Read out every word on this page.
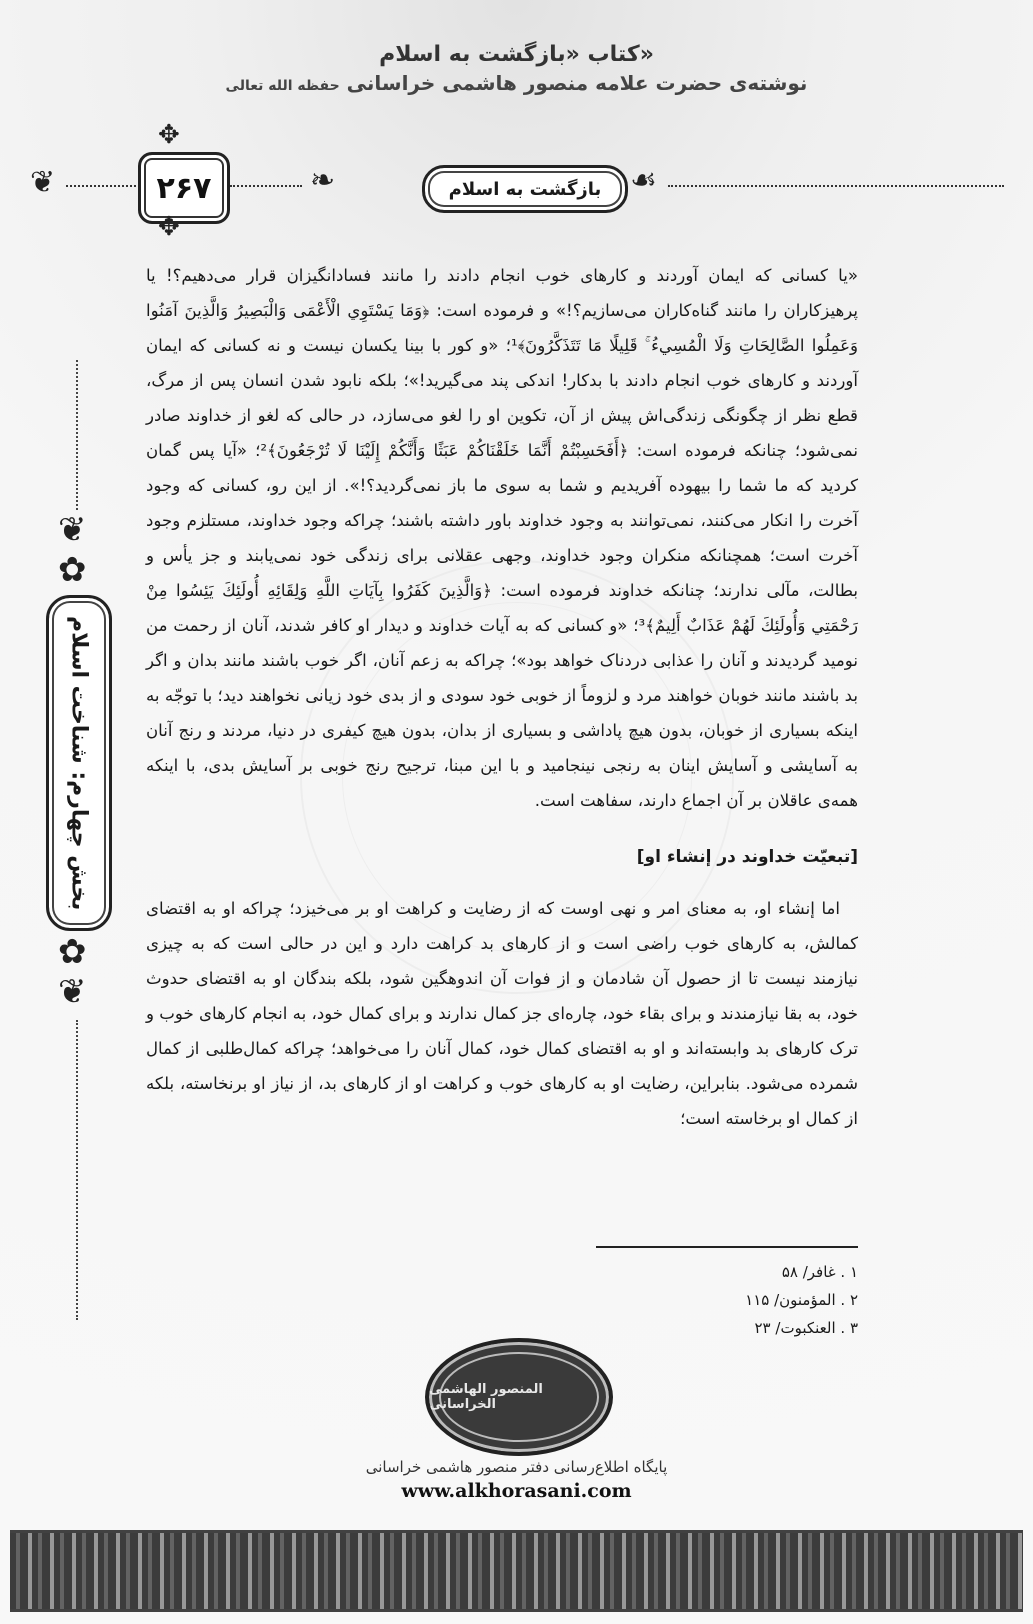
کتاب «بازگشت به اسلام»
نوشته‌ی حضرت علامه منصور هاشمی خراسانی حفظه الله تعالی
❦	۲۶۷
✥
✥
❧	بازگشت به اسلام ☙
❦
✿
بخش چهارم: شناخت اسلام
✿
❦

«یا کسانی که ایمان آوردند و کارهای خوب انجام دادند را مانند فسادانگیزان قرار می‌دهیم؟! یا پرهیزکاران را مانند گناه‌کاران می‌سازیم؟!» و فرموده است: ﴿وَمَا يَسْتَوِي الْأَعْمَى وَالْبَصِيرُ وَالَّذِينَ آمَنُوا وَعَمِلُوا الصَّالِحَاتِ وَلَا الْمُسِيءُ ۚ قَلِيلًا مَا تَتَذَكَّرُونَ﴾¹؛ «و کور با بینا یکسان نیست و نه کسانی که ایمان آوردند و کارهای خوب انجام دادند با بدکار! اندکی پند می‌گیرید!»؛ بلکه نابود شدن انسان پس از مرگ، قطع نظر از چگونگی زندگی‌اش پیش از آن، تکوین او را لغو می‌سازد، در حالی که لغو از خداوند صادر نمی‌شود؛ چنانکه فرموده است: ﴿أَفَحَسِبْتُمْ أَنَّمَا خَلَقْنَاكُمْ عَبَثًا وَأَنَّكُمْ إِلَيْنَا لَا تُرْجَعُونَ﴾²؛ «آیا پس گمان کردید که ما شما را بیهوده آفریدیم و شما به سوی ما باز نمی‌گردید؟!». از این رو، کسانی که وجود آخرت را انکار می‌کنند، نمی‌توانند به وجود خداوند باور داشته باشند؛ چراکه وجود خداوند، مستلزم وجود آخرت است؛ همچنانکه منکران وجود خداوند، وجهی عقلانی برای زندگی خود نمی‌یابند و جز یأس و بطالت، مآلی ندارند؛ چنانکه خداوند فرموده است: ﴿وَالَّذِينَ كَفَرُوا بِآيَاتِ اللَّهِ وَلِقَائِهِ أُولَئِكَ يَئِسُوا مِنْ رَحْمَتِي وَأُولَئِكَ لَهُمْ عَذَابٌ أَلِيمٌ﴾³؛ «و کسانی که به آیات خداوند و دیدار او کافر شدند، آنان از رحمت من نومید گردیدند و آنان را عذابی دردناک خواهد بود»؛ چراکه به زعم آنان، اگر خوب باشند مانند بدان و اگر بد باشند مانند خوبان خواهند مرد و لزوماً از خوبی خود سودی و از بدی خود زیانی نخواهند دید؛ با توجّه به اینکه بسیاری از خوبان، بدون هیچ پاداشی و بسیاری از بدان، بدون هیچ کیفری در دنیا، مردند و رنج آنان به آسایشی و آسایش اینان به رنجی نینجامید و با این مبنا، ترجیح رنج خوبی بر آسایش بدی، با اینکه همه‌ی عاقلان بر آن اجماع دارند، سفاهت است.

[تبعیّت خداوند در إنشاء او]

اما إنشاء او، به معنای امر و نهی اوست که از رضایت و کراهت او بر می‌خیزد؛ چراکه او به اقتضای کمالش، به کارهای خوب راضی است و از کارهای بد کراهت دارد و این در حالی است که به چیزی نیازمند نیست تا از حصول آن شادمان و از فوات آن اندوهگین شود، بلکه بندگان او به اقتضای حدوث خود، به بقا نیازمندند و برای بقاء خود، چاره‌ای جز کمال ندارند و برای کمال خود، به انجام کارهای خوب و ترک کارهای بد وابسته‌اند و او به اقتضای کمال خود، کمال آنان را می‌خواهد؛ چراکه کمال‌طلبی از کمال شمرده می‌شود. بنابراین، رضایت او به کارهای خوب و کراهت او از کارهای بد، از نیاز او برنخاسته، بلکه از کمال او برخاسته است؛

۱ . غافر/ ۵۸
۲ . المؤمنون/ ۱۱۵
۳ . العنکبوت/ ۲۳
المنصور الهاشمی الخراسانی
پایگاه اطلاع‌رسانی دفتر منصور هاشمی خراسانی
www.alkhorasani.com
